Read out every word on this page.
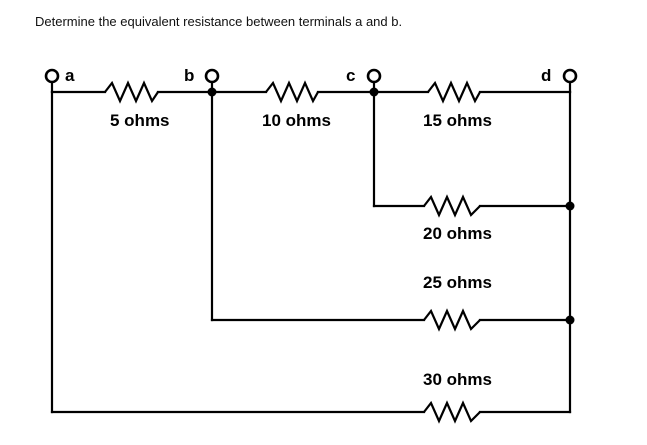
Determine the equivalent resistance between terminals a and b.
a	b	c	d
5 ohms	10 ohms	15 ohms
20 ohms
25 ohms
30 ohms
